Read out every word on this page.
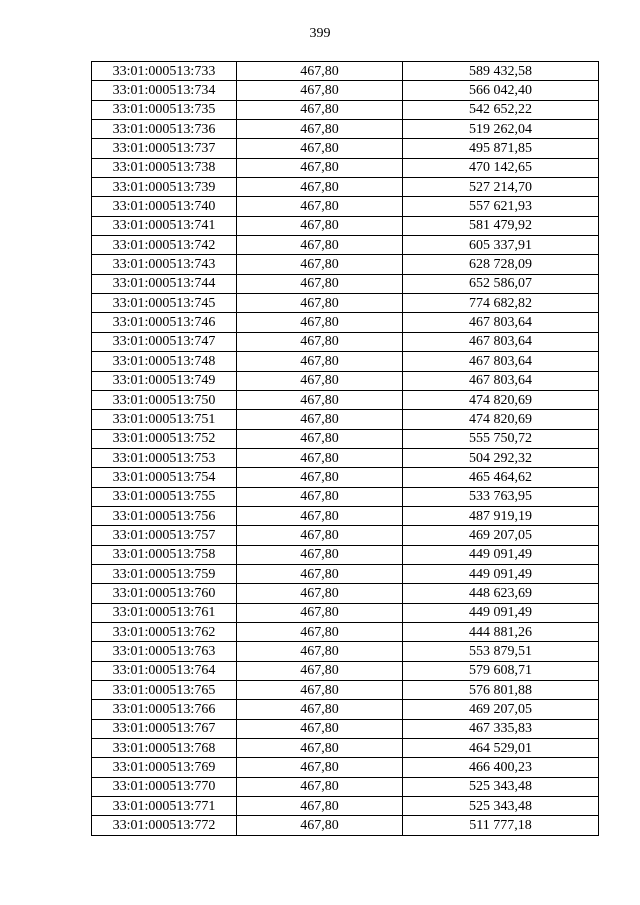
399
33:01:000513:733	467,80	589 432,58
33:01:000513:734	467,80	566 042,40
33:01:000513:735	467,80	542 652,22
33:01:000513:736	467,80	519 262,04
33:01:000513:737	467,80	495 871,85
33:01:000513:738	467,80	470 142,65
33:01:000513:739	467,80	527 214,70
33:01:000513:740	467,80	557 621,93
33:01:000513:741	467,80	581 479,92
33:01:000513:742	467,80	605 337,91
33:01:000513:743	467,80	628 728,09
33:01:000513:744	467,80	652 586,07
33:01:000513:745	467,80	774 682,82
33:01:000513:746	467,80	467 803,64
33:01:000513:747	467,80	467 803,64
33:01:000513:748	467,80	467 803,64
33:01:000513:749	467,80	467 803,64
33:01:000513:750	467,80	474 820,69
33:01:000513:751	467,80	474 820,69
33:01:000513:752	467,80	555 750,72
33:01:000513:753	467,80	504 292,32
33:01:000513:754	467,80	465 464,62
33:01:000513:755	467,80	533 763,95
33:01:000513:756	467,80	487 919,19
33:01:000513:757	467,80	469 207,05
33:01:000513:758	467,80	449 091,49
33:01:000513:759	467,80	449 091,49
33:01:000513:760	467,80	448 623,69
33:01:000513:761	467,80	449 091,49
33:01:000513:762	467,80	444 881,26
33:01:000513:763	467,80	553 879,51
33:01:000513:764	467,80	579 608,71
33:01:000513:765	467,80	576 801,88
33:01:000513:766	467,80	469 207,05
33:01:000513:767	467,80	467 335,83
33:01:000513:768	467,80	464 529,01
33:01:000513:769	467,80	466 400,23
33:01:000513:770	467,80	525 343,48
33:01:000513:771	467,80	525 343,48
33:01:000513:772	467,80	511 777,18
